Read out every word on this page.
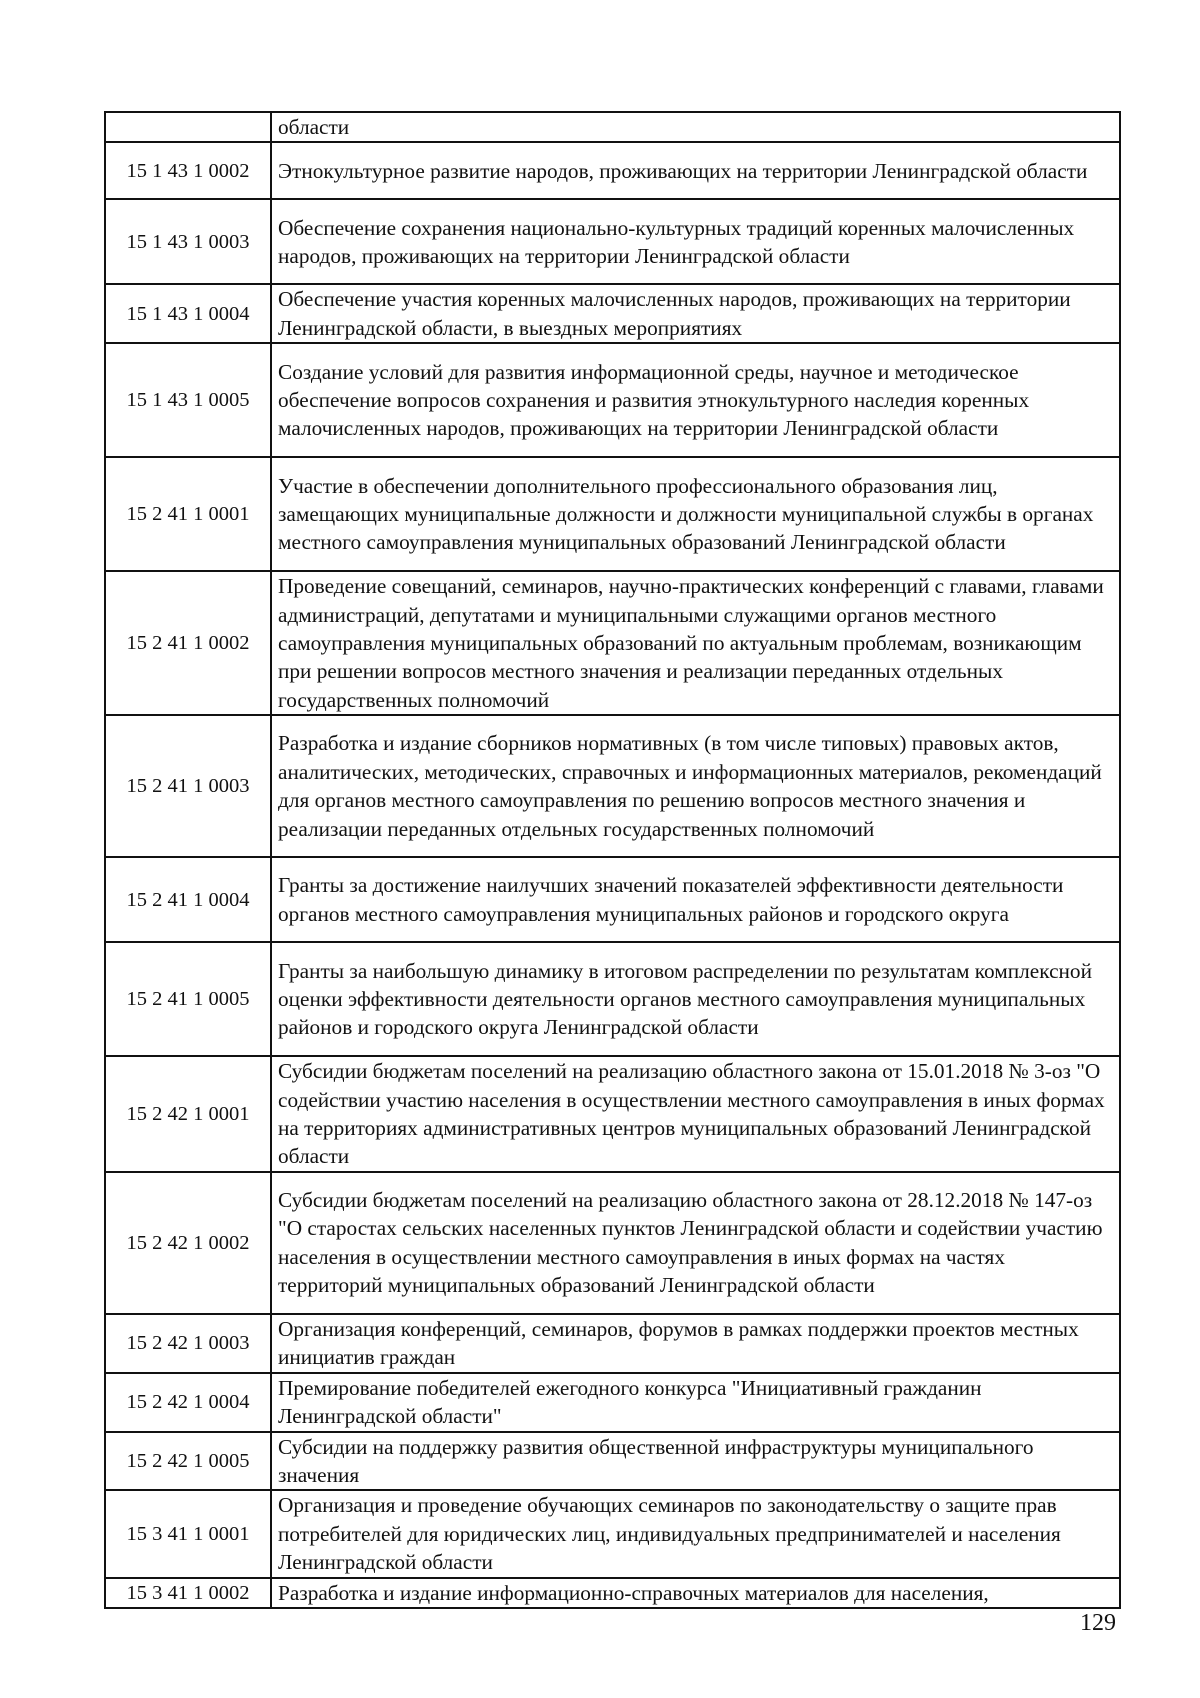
	области
15 1 43 1 0002	Этнокультурное развитие народов, проживающих на территории Ленинградской области
15 1 43 1 0003	Обеспечение сохранения национально-культурных традиций коренных малочисленных народов, проживающих на территории Ленинградской области
15 1 43 1 0004	Обеспечение участия коренных малочисленных народов, проживающих на территории Ленинградской области, в выездных мероприятиях
15 1 43 1 0005	Создание условий для развития информационной среды, научное и методическое обеспечение вопросов сохранения и развития этнокультурного наследия коренных малочисленных народов, проживающих на территории Ленинградской области
15 2 41 1 0001	Участие в обеспечении дополнительного профессионального образования лиц, замещающих муниципальные должности и должности муниципальной службы в органах местного самоуправления муниципальных образований Ленинградской области
15 2 41 1 0002	Проведение совещаний, семинаров, научно-практических конференций с главами, главами администраций, депутатами и муниципальными служащими органов местного самоуправления муниципальных образований по актуальным проблемам, возникающим при решении вопросов местного значения и реализации переданных отдельных государственных полномочий
15 2 41 1 0003	Разработка и издание сборников нормативных (в том числе типовых) правовых актов, аналитических, методических, справочных и информационных материалов, рекомендаций для органов местного самоуправления по решению вопросов местного значения и реализации переданных отдельных государственных полномочий
15 2 41 1 0004	Гранты за достижение наилучших значений показателей эффективности деятельности органов местного самоуправления муниципальных районов и городского округа
15 2 41 1 0005	Гранты за наибольшую динамику в итоговом распределении по результатам комплексной оценки эффективности деятельности органов местного самоуправления муниципальных районов и городского округа Ленинградской области
15 2 42 1 0001	Субсидии бюджетам поселений на реализацию областного закона от 15.01.2018 № 3-оз "О содействии участию населения в осуществлении местного самоуправления в иных формах на территориях административных центров муниципальных образований Ленинградской области
15 2 42 1 0002	Субсидии бюджетам поселений на реализацию областного закона от 28.12.2018 № 147-оз "О старостах сельских населенных пунктов Ленинградской области и содействии участию населения в осуществлении местного самоуправления в иных формах на частях территорий муниципальных образований Ленинградской области
15 2 42 1 0003	Организация конференций, семинаров, форумов в рамках поддержки проектов местных инициатив граждан
15 2 42 1 0004	Премирование победителей ежегодного конкурса "Инициативный гражданин Ленинградской области"
15 2 42 1 0005	Субсидии на поддержку развития общественной инфраструктуры муниципального значения
15 3 41 1 0001	Организация и проведение обучающих семинаров по законодательству о защите прав потребителей для юридических лиц, индивидуальных предпринимателей и населения Ленинградской области
15 3 41 1 0002	Разработка и издание информационно-справочных материалов для населения,
129
